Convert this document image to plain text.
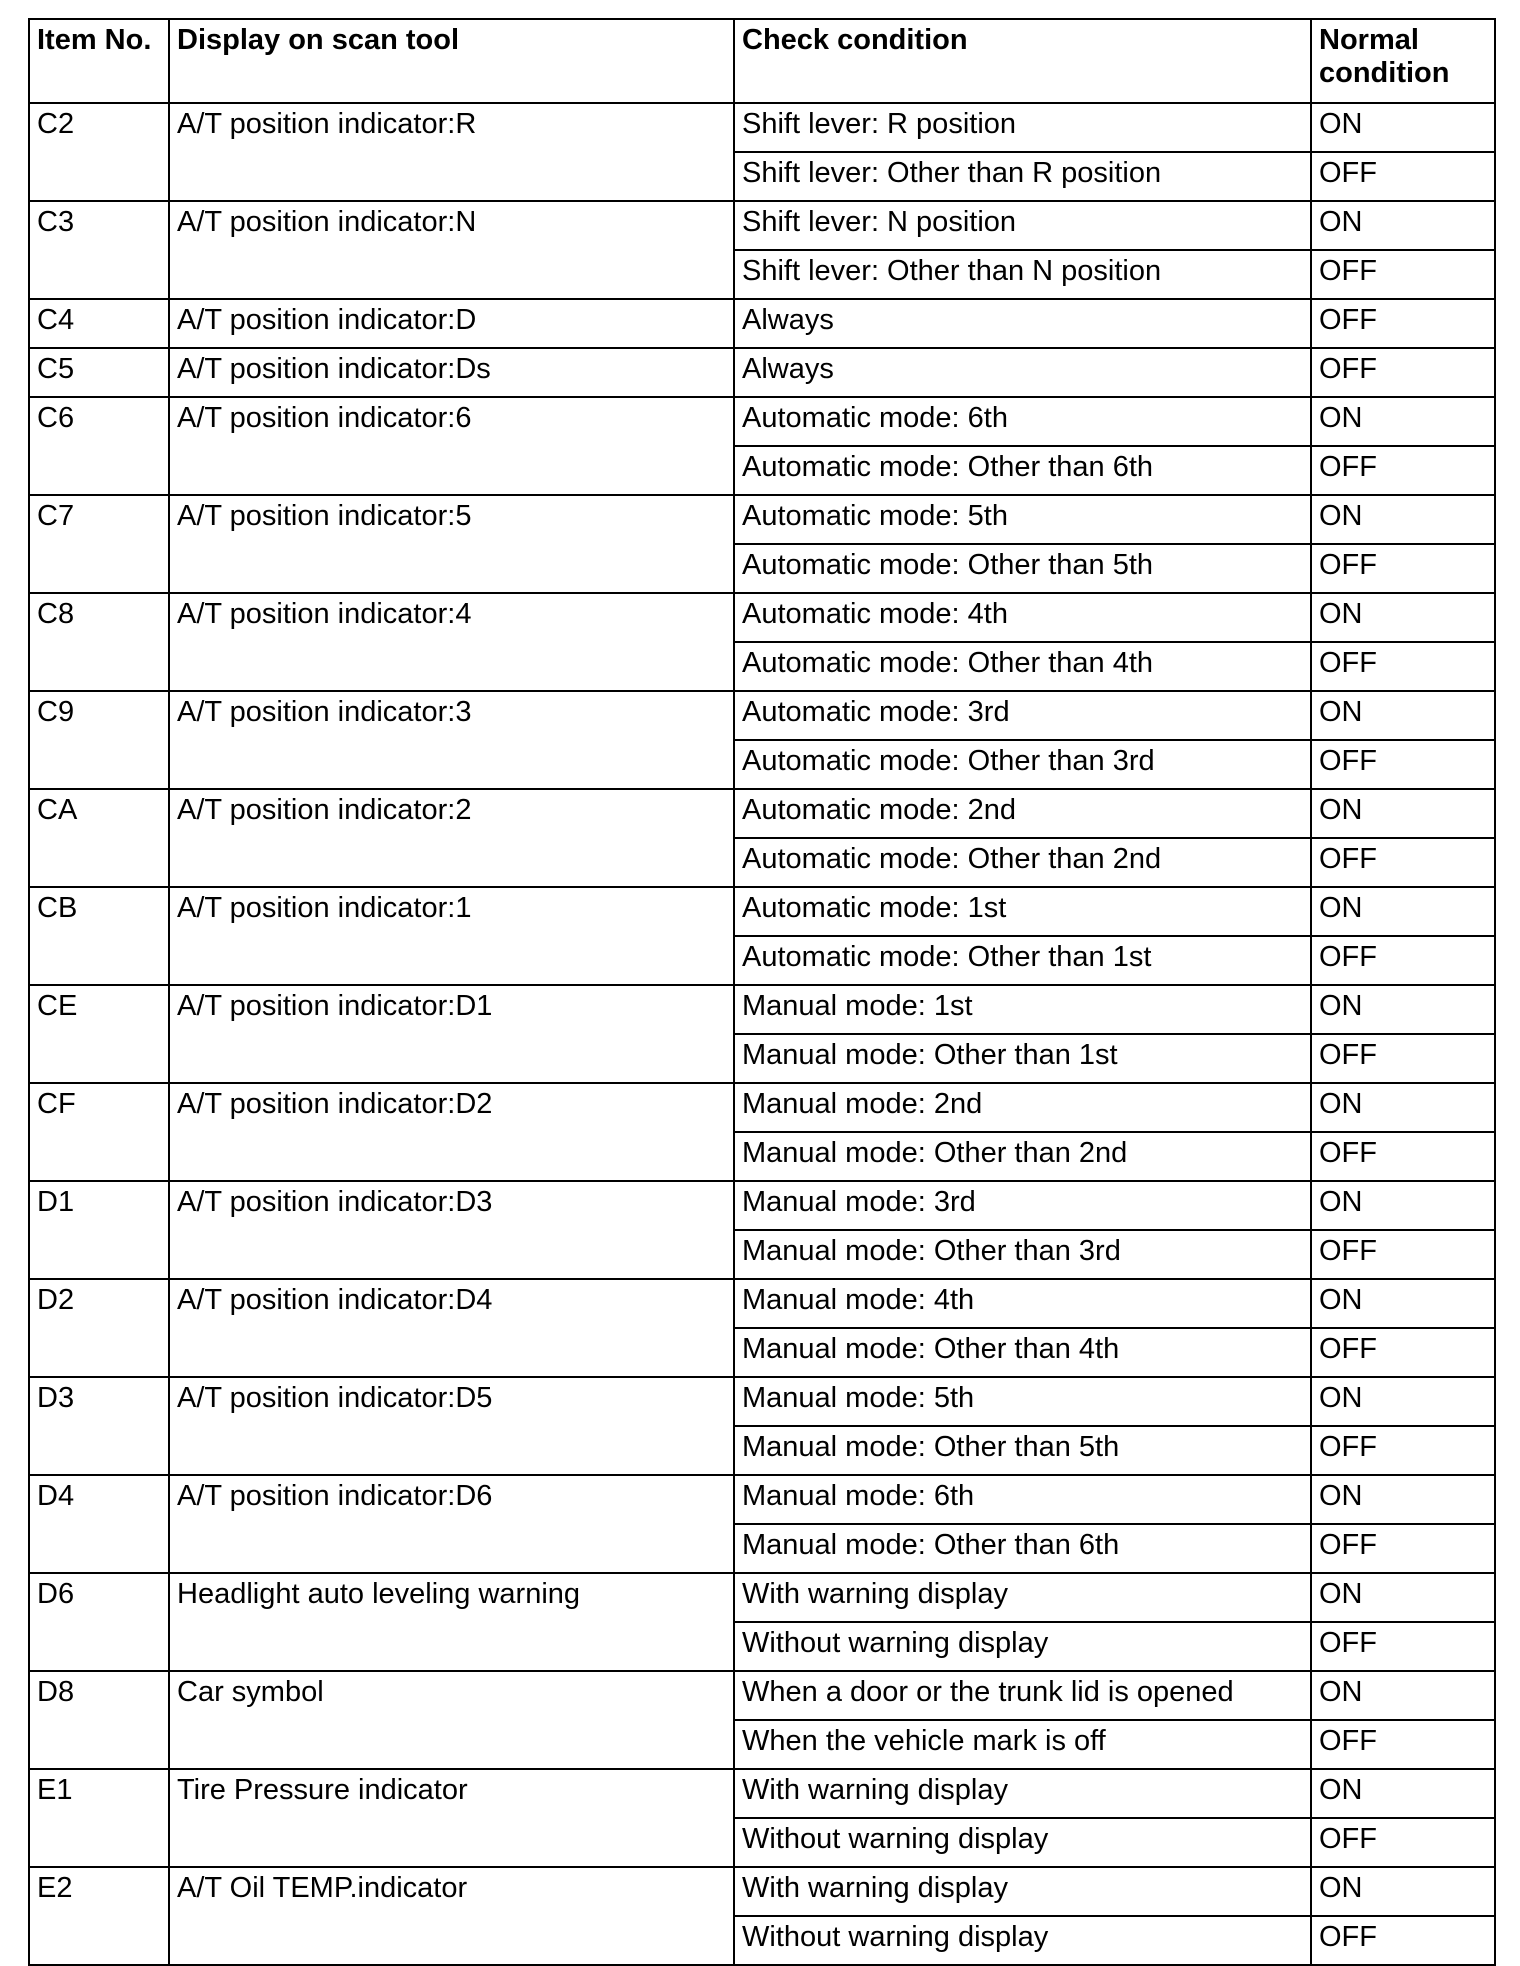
Item No.	Display on scan tool	Check condition	Normal condition
C2	A/T position indicator:R	Shift lever: R position	ON
		Shift lever: Other than R position	OFF
C3	A/T position indicator:N	Shift lever: N position	ON
		Shift lever: Other than N position	OFF
C4	A/T position indicator:D	Always	OFF
C5	A/T position indicator:Ds	Always	OFF
C6	A/T position indicator:6	Automatic mode: 6th	ON
		Automatic mode: Other than 6th	OFF
C7	A/T position indicator:5	Automatic mode: 5th	ON
		Automatic mode: Other than 5th	OFF
C8	A/T position indicator:4	Automatic mode: 4th	ON
		Automatic mode: Other than 4th	OFF
C9	A/T position indicator:3	Automatic mode: 3rd	ON
		Automatic mode: Other than 3rd	OFF
CA	A/T position indicator:2	Automatic mode: 2nd	ON
		Automatic mode: Other than 2nd	OFF
CB	A/T position indicator:1	Automatic mode: 1st	ON
		Automatic mode: Other than 1st	OFF
CE	A/T position indicator:D1	Manual mode: 1st	ON
		Manual mode: Other than 1st	OFF
CF	A/T position indicator:D2	Manual mode: 2nd	ON
		Manual mode: Other than 2nd	OFF
D1	A/T position indicator:D3	Manual mode: 3rd	ON
		Manual mode: Other than 3rd	OFF
D2	A/T position indicator:D4	Manual mode: 4th	ON
		Manual mode: Other than 4th	OFF
D3	A/T position indicator:D5	Manual mode: 5th	ON
		Manual mode: Other than 5th	OFF
D4	A/T position indicator:D6	Manual mode: 6th	ON
		Manual mode: Other than 6th	OFF
D6	Headlight auto leveling warning	With warning display	ON
		Without warning display	OFF
D8	Car symbol	When a door or the trunk lid is opened	ON
		When the vehicle mark is off	OFF
E1	Tire Pressure indicator	With warning display	ON
		Without warning display	OFF
E2	A/T Oil TEMP.indicator	With warning display	ON
		Without warning display	OFF
